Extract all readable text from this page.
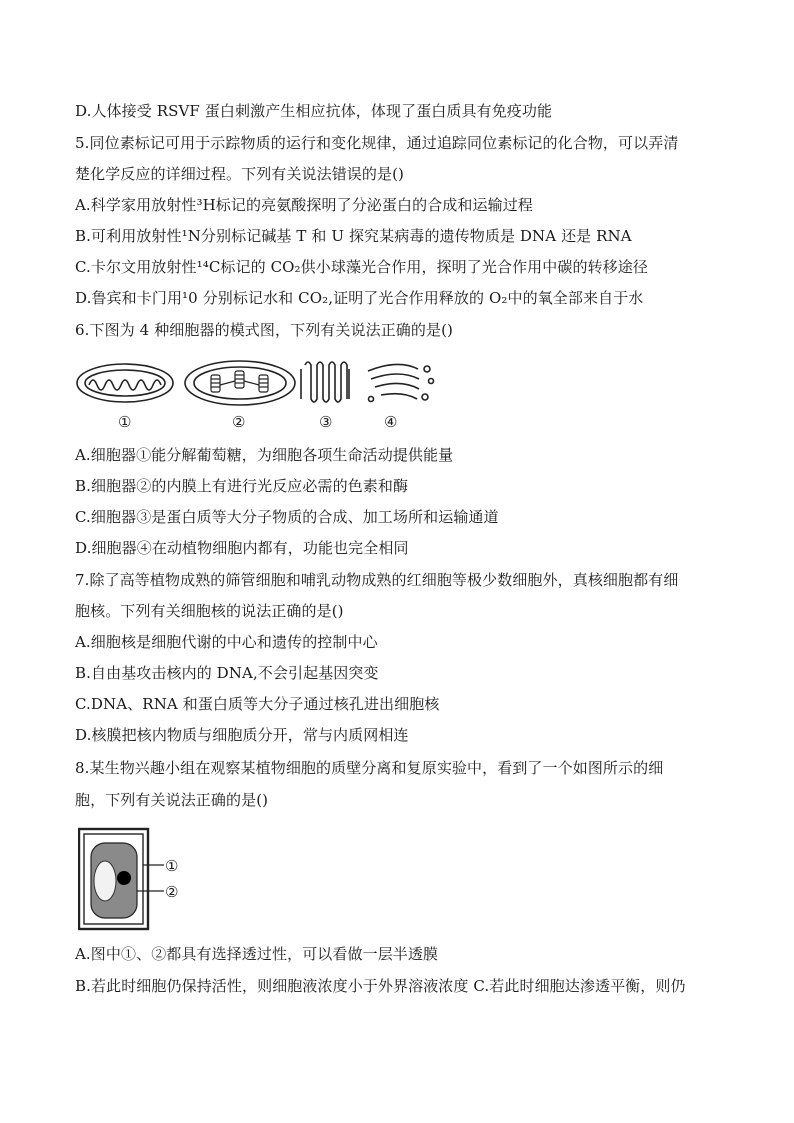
D.人体接受 RSVF 蛋白刺激产生相应抗体，体现了蛋白质具有免疫功能
5.同位素标记可用于示踪物质的运行和变化规律，通过追踪同位素标记的化合物，可以弄清
楚化学反应的详细过程。下列有关说法错误的是()
A.科学家用放射性³H标记的亮氨酸探明了分泌蛋白的合成和运输过程
B.可利用放射性¹N分别标记碱基 T 和 U 探究某病毒的遗传物质是 DNA 还是 RNA
C.卡尔文用放射性¹⁴C标记的 CO₂供小球藻光合作用，探明了光合作用中碳的转移途径
D.鲁宾和卡门用¹0 分别标记水和 CO₂,证明了光合作用释放的 O₂中的氧全部来自于水
6.下图为 4 种细胞器的模式图，下列有关说法正确的是()
①	②	③	④
A.细胞器①能分解葡萄糖，为细胞各项生命活动提供能量
B.细胞器②的内膜上有进行光反应必需的色素和酶
C.细胞器③是蛋白质等大分子物质的合成、加工场所和运输通道
D.细胞器④在动植物细胞内都有，功能也完全相同
7.除了高等植物成熟的筛管细胞和哺乳动物成熟的红细胞等极少数细胞外，真核细胞都有细
胞核。下列有关细胞核的说法正确的是()
A.细胞核是细胞代谢的中心和遗传的控制中心
B.自由基攻击核内的 DNA,不会引起基因突变
C.DNA、RNA 和蛋白质等大分子通过核孔进出细胞核
D.核膜把核内物质与细胞质分开，常与内质网相连
8.某生物兴趣小组在观察某植物细胞的质壁分离和复原实验中，看到了一个如图所示的细
胞，下列有关说法正确的是()
①
②
A.图中①、②都具有选择透过性，可以看做一层半透膜
B.若此时细胞仍保持活性，则细胞液浓度小于外界溶液浓度 C.若此时细胞达渗透平衡，则仍
